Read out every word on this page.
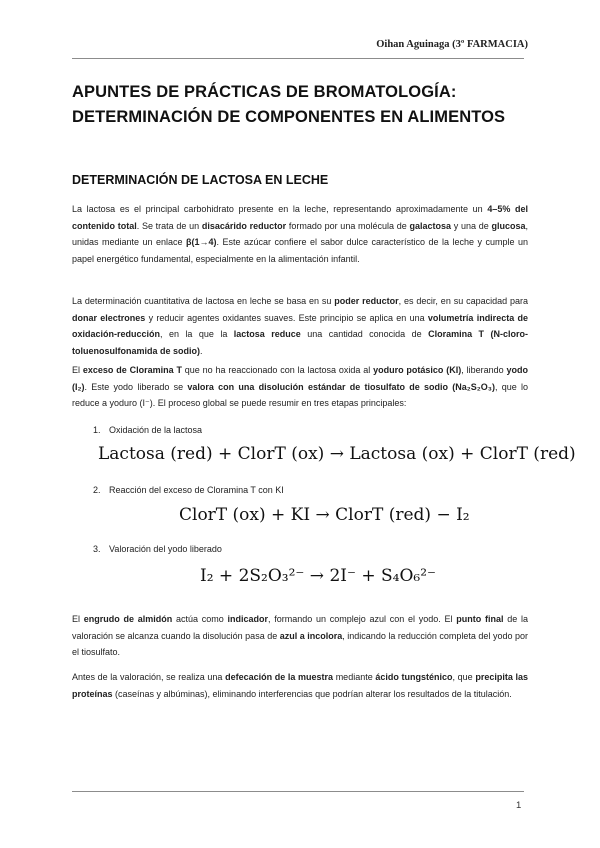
Oihan Aguinaga (3º FARMACIA)
APUNTES DE PRÁCTICAS DE BROMATOLOGÍA:
DETERMINACIÓN DE COMPONENTES EN ALIMENTOS
DETERMINACIÓN DE LACTOSA EN LECHE

La lactosa es el principal carbohidrato presente en la leche, representando aproximadamente un 4–5% del contenido total. Se trata de un disacárido reductor formado por una molécula de galactosa y una de glucosa, unidas mediante un enlace β(1→4). Este azúcar confiere el sabor dulce característico de la leche y cumple un papel energético fundamental, especialmente en la alimentación infantil.

La determinación cuantitativa de lactosa en leche se basa en su poder reductor, es decir, en su capacidad para donar electrones y reducir agentes oxidantes suaves. Este principio se aplica en una volumetría indirecta de oxidación-reducción, en la que la lactosa reduce una cantidad conocida de Cloramina T (N-cloro-toluenosulfonamida de sodio).

El exceso de Cloramina T que no ha reaccionado con la lactosa oxida al yoduro potásico (KI), liberando yodo (I₂). Este yodo liberado se valora con una disolución estándar de tiosulfato de sodio (Na₂S₂O₃), que lo reduce a yoduro (I⁻). El proceso global se puede resumir en tres etapas principales:

1. Oxidación de la lactosa
Lactosa (red) + ClorT (ox) → Lactosa (ox) + ClorT (red)
2. Reacción del exceso de Cloramina T con KI
ClorT (ox) + KI → ClorT (red) − I₂
3. Valoración del yodo liberado
I₂ + 2S₂O₃²⁻ → 2I⁻ + S₄O₆²⁻

El engrudo de almidón actúa como indicador, formando un complejo azul con el yodo. El punto final de la valoración se alcanza cuando la disolución pasa de azul a incolora, indicando la reducción completa del yodo por el tiosulfato.

Antes de la valoración, se realiza una defecación de la muestra mediante ácido tungsténico, que precipita las proteínas (caseínas y albúminas), eliminando interferencias que podrían alterar los resultados de la titulación.

1
